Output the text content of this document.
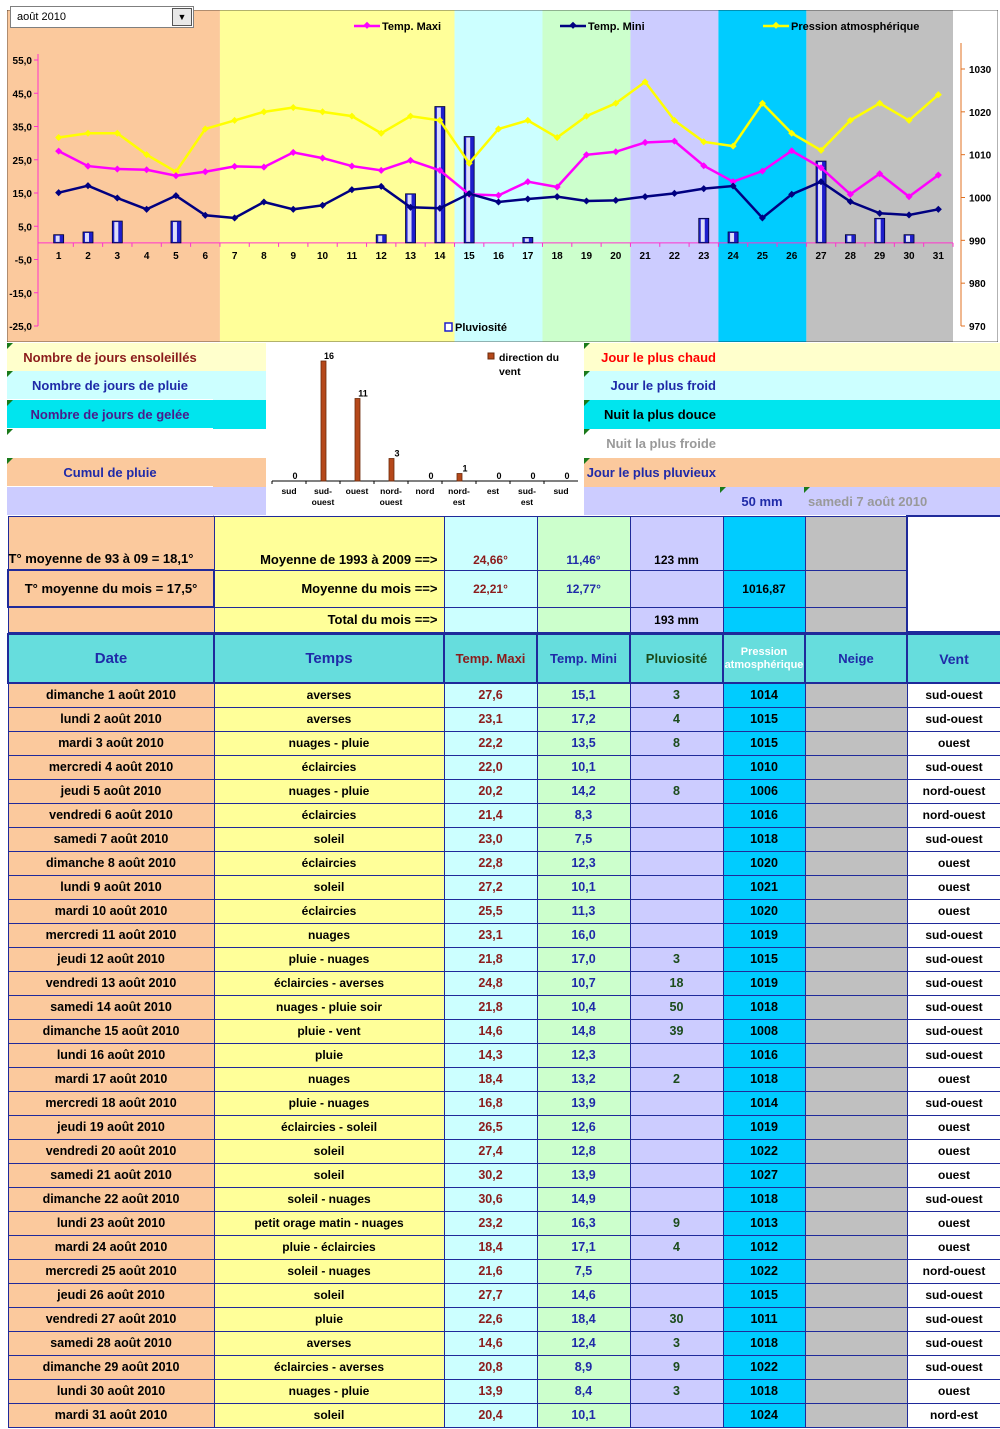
55,0
45,0
35,0
25,0
15,0
5,0
-5,0
-15,0
-25,0
1 2 3 4 5 6 7 8 9 10 11 12 13 14 15 16 17 18 19 20 21 22 23 24 25 26 27 28 29 30 31
1030
1020
1010
1000
990
980
970
Temp. Maxi	Temp. Mini	Pression atmosphérique
Pluviosité
août 2010	▼
Nombre de jours ensoleillés
Nombre de jours de pluie
Nombre de jours de gelée
Cumul de pluie
Jour le plus chaud
Jour le plus froid
Nuit la plus douce
Nuit la plus froide
samedi 7 août 2010
Jour le plus pluvieux
50 mm
0
sud
16
sud-ouest
11
ouest
3
nord-ouest
0
nord
1
nord-est
0
est
0
sud-est
0
sud
direction du
vent
T° moyenne de 93 à 09 = 18,1°	Moyenne de 1993 à 2009 ==>	24,66°	11,46°	123 mm			
T° moyenne du mois = 17,5°	Moyenne du mois ==>	22,21°	12,77°		1016,87		
	Total du mois ==>			193 mm			
Date	Temps	Temp. Maxi	Temp. Mini	Pluviosité	Pression atmosphérique	Neige	Vent
dimanche 1 août 2010	averses	27,6	15,1	3	1014		sud-ouest
lundi 2 août 2010	averses	23,1	17,2	4	1015		sud-ouest
mardi 3 août 2010	nuages - pluie	22,2	13,5	8	1015		ouest
mercredi 4 août 2010	éclaircies	22,0	10,1		1010		sud-ouest
jeudi 5 août 2010	nuages - pluie	20,2	14,2	8	1006		nord-ouest
vendredi 6 août 2010	éclaircies	21,4	8,3		1016		nord-ouest
samedi 7 août 2010	soleil	23,0	7,5		1018		sud-ouest
dimanche 8 août 2010	éclaircies	22,8	12,3		1020		ouest
lundi 9 août 2010	soleil	27,2	10,1		1021		ouest
mardi 10 août 2010	éclaircies	25,5	11,3		1020		ouest
mercredi 11 août 2010	nuages	23,1	16,0		1019		sud-ouest
jeudi 12 août 2010	pluie - nuages	21,8	17,0	3	1015		sud-ouest
vendredi 13 août 2010	éclaircies - averses	24,8	10,7	18	1019		sud-ouest
samedi 14 août 2010	nuages - pluie soir	21,8	10,4	50	1018		sud-ouest
dimanche 15 août 2010	pluie - vent	14,6	14,8	39	1008		sud-ouest
lundi 16 août 2010	pluie	14,3	12,3		1016		sud-ouest
mardi 17 août 2010	nuages	18,4	13,2	2	1018		ouest
mercredi 18 août 2010	pluie - nuages	16,8	13,9		1014		sud-ouest
jeudi 19 août 2010	éclaircies - soleil	26,5	12,6		1019		ouest
vendredi 20 août 2010	soleil	27,4	12,8		1022		ouest
samedi 21 août 2010	soleil	30,2	13,9		1027		ouest
dimanche 22 août 2010	soleil - nuages	30,6	14,9		1018		sud-ouest
lundi 23 août 2010	petit orage matin - nuages	23,2	16,3	9	1013		ouest
mardi 24 août 2010	pluie - éclaircies	18,4	17,1	4	1012		ouest
mercredi 25 août 2010	soleil - nuages	21,6	7,5		1022		nord-ouest
jeudi 26 août 2010	soleil	27,7	14,6		1015		sud-ouest
vendredi 27 août 2010	pluie	22,6	18,4	30	1011		sud-ouest
samedi 28 août 2010	averses	14,6	12,4	3	1018		sud-ouest
dimanche 29 août 2010	éclaircies - averses	20,8	8,9	9	1022		sud-ouest
lundi 30 août 2010	nuages - pluie	13,9	8,4	3	1018		ouest
mardi 31 août 2010	soleil	20,4	10,1		1024		nord-est
